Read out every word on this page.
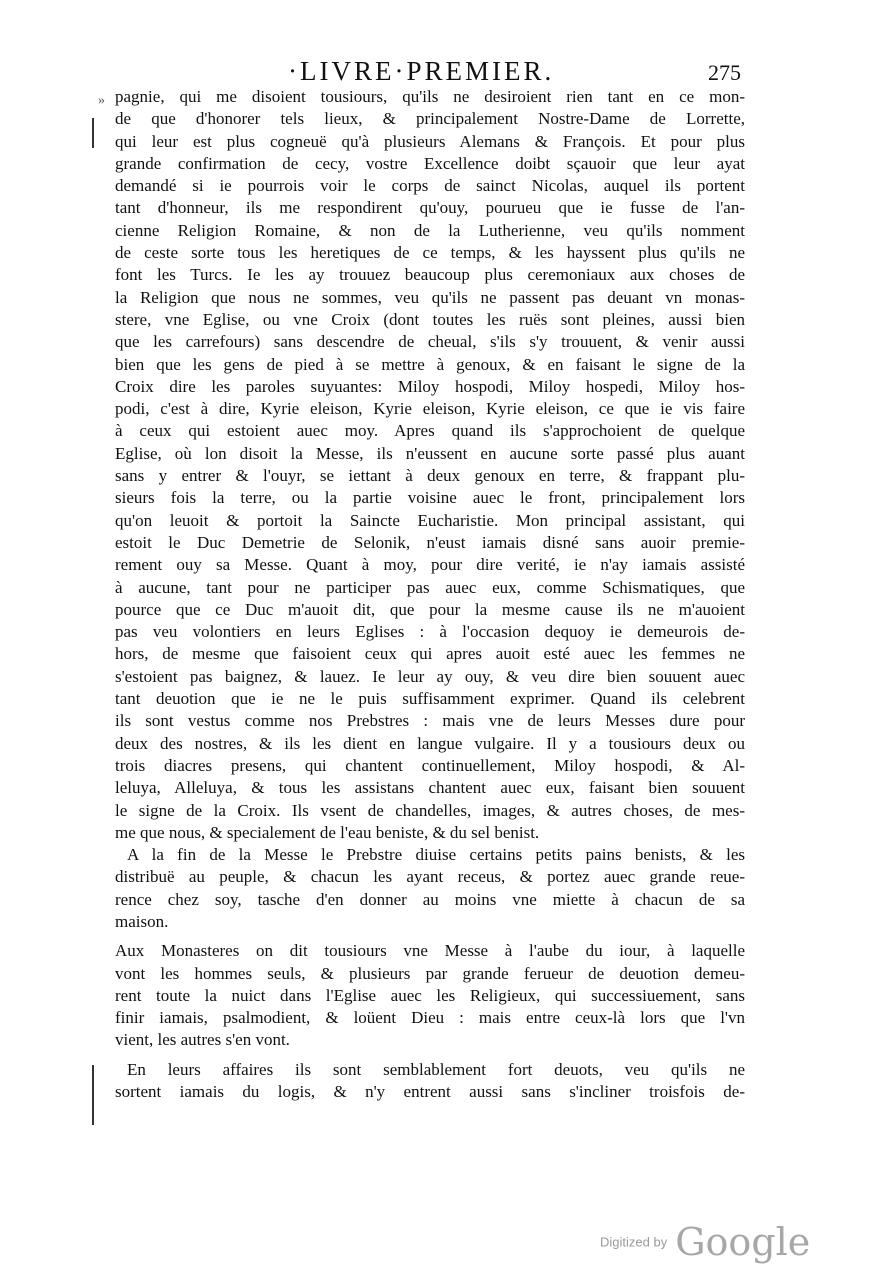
·LIVRE·PREMIER.	275
» pagnie, qui me disoient tousiours, qu'ils ne desiroient rien tant en ce mon-
de que d'honorer tels lieux, & principalement Nostre-Dame de Lorrette,
qui leur est plus cogneuë qu'à plusieurs Alemans & François. Et pour plus
grande confirmation de cecy, vostre Excellence doibt sçauoir que leur ayat
demandé si ie pourrois voir le corps de sainct Nicolas, auquel ils portent
tant d'honneur, ils me respondirent qu'ouy, pourueu que ie fusse de l'an-
cienne Religion Romaine, & non de la Lutherienne, veu qu'ils nomment
de ceste sorte tous les heretiques de ce temps, & les hayssent plus qu'ils ne
font les Turcs. Ie les ay trouuez beaucoup plus ceremoniaux aux choses de
la Religion que nous ne sommes, veu qu'ils ne passent pas deuant vn monas-
stere, vne Eglise, ou vne Croix (dont toutes les ruës sont pleines, aussi bien
que les carrefours) sans descendre de cheual, s'ils s'y trouuent, & venir aussi
bien que les gens de pied à se mettre à genoux, & en faisant le signe de la
Croix dire les paroles suyuantes: Miloy hospodi, Miloy hospedi, Miloy hos-
podi, c'est à dire, Kyrie eleison, Kyrie eleison, Kyrie eleison, ce que ie vis faire
à ceux qui estoient auec moy. Apres quand ils s'approchoient de quelque
Eglise, où lon disoit la Messe, ils n'eussent en aucune sorte passé plus auant
sans y entrer & l'ouyr, se iettant à deux genoux en terre, & frappant plu-
sieurs fois la terre, ou la partie voisine auec le front, principalement lors
qu'on leuoit & portoit la Saincte Eucharistie. Mon principal assistant, qui
estoit le Duc Demetrie de Selonik, n'eust iamais disné sans auoir premie-
rement ouy sa Messe. Quant à moy, pour dire verité, ie n'ay iamais assisté
à aucune, tant pour ne participer pas auec eux, comme Schismatiques, que
pource que ce Duc m'auoit dit, que pour la mesme cause ils ne m'auoient
pas veu volontiers en leurs Eglises : à l'occasion dequoy ie demeurois de-
hors, de mesme que faisoient ceux qui apres auoit esté auec les femmes ne
s'estoient pas baignez, & lauez. Ie leur ay ouy, & veu dire bien souuent auec
tant deuotion que ie ne le puis suffisamment exprimer. Quand ils celebrent
ils sont vestus comme nos Prebstres : mais vne de leurs Messes dure pour
deux des nostres, & ils les dient en langue vulgaire. Il y a tousiours deux ou
trois diacres presens, qui chantent continuellement, Miloy hospodi, & Al-
leluya, Alleluya, & tous les assistans chantent auec eux, faisant bien souuent
le signe de la Croix. Ils vsent de chandelles, images, & autres choses, de mes-
me que nous, & specialement de l'eau beniste, & du sel benist.
A la fin de la Messe le Prebstre diuise certains petits pains benists, & les
distribuë au peuple, & chacun les ayant receus, & portez auec grande reue-
rence chez soy, tasche d'en donner au moins vne miette à chacun de sa
maison.
Aux Monasteres on dit tousiours vne Messe à l'aube du iour, à laquelle
vont les hommes seuls, & plusieurs par grande ferueur de deuotion demeu-
rent toute la nuict dans l'Eglise auec les Religieux, qui successiuement, sans
finir iamais, psalmodient, & loüent Dieu : mais entre ceux-là lors que l'vn
vient, les autres s'en vont.
En leurs affaires ils sont semblablement fort deuots, veu qu'ils ne
sortent iamais du logis, & n'y entrent aussi sans s'incliner troisfois de-
Digitized by Google
